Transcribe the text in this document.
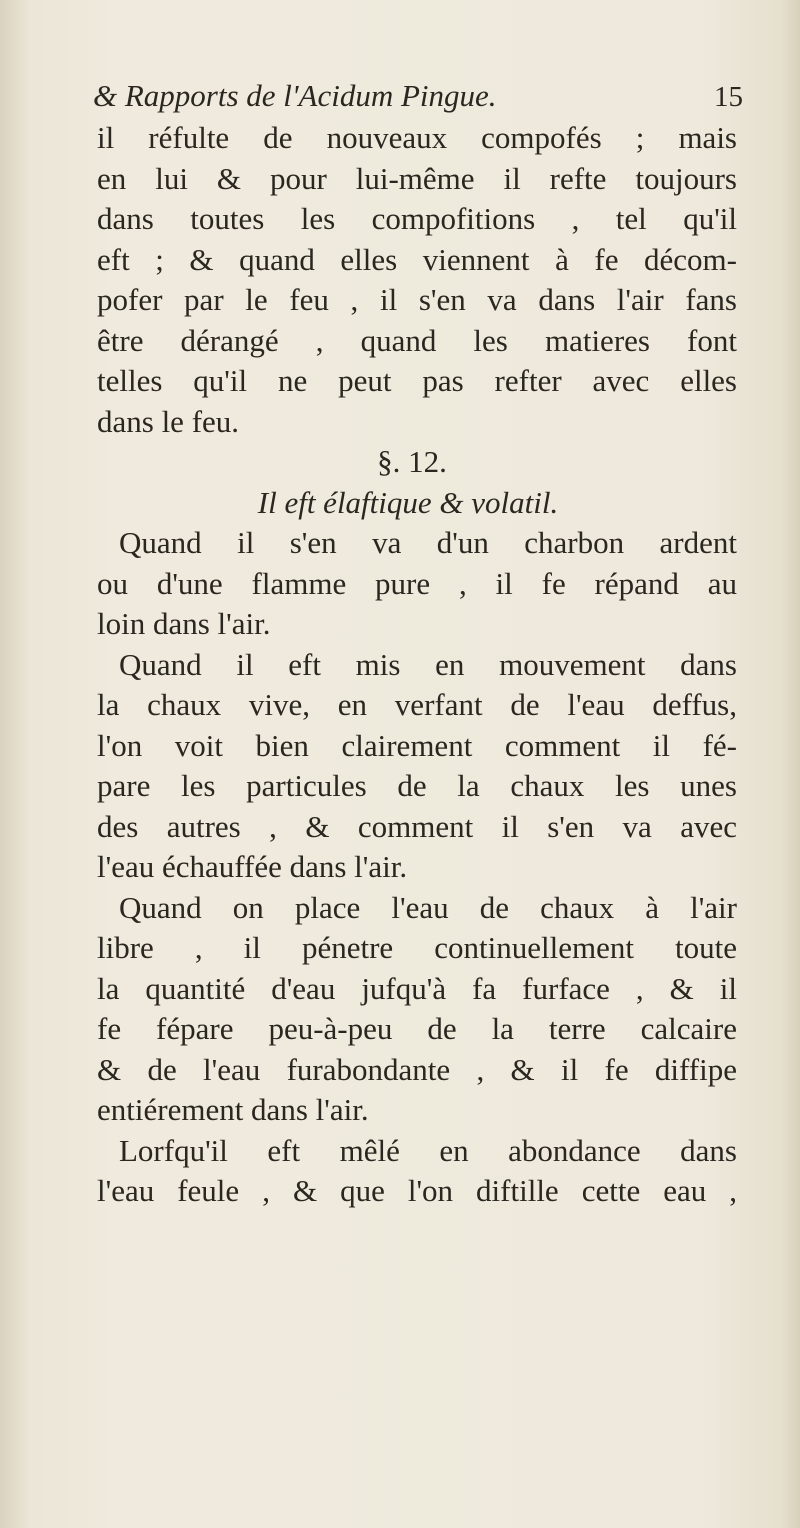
& Rapports de l'Acidum Pingue.	15
il réfulte de nouveaux compofés ; mais
en lui & pour lui-même il refte toujours
dans toutes les compofitions , tel qu'il
eft ; & quand elles viennent à fe décom-
pofer par le feu , il s'en va dans l'air fans
être dérangé , quand les matieres font
telles qu'il ne peut pas refter avec elles
dans le feu.
§. 12.
Il eft élaftique & volatil.
Quand il s'en va d'un charbon ardent
ou d'une flamme pure , il fe répand au
loin dans l'air.
Quand il eft mis en mouvement dans
la chaux vive, en verfant de l'eau deffus,
l'on voit bien clairement comment il fé-
pare les particules de la chaux les unes
des autres , & comment il s'en va avec
l'eau échauffée dans l'air.
Quand on place l'eau de chaux à l'air
libre , il pénetre continuellement toute
la quantité d'eau jufqu'à fa furface , & il
fe fépare peu-à-peu de la terre calcaire
& de l'eau furabondante , & il fe diffipe
entiérement dans l'air.
Lorfqu'il eft mêlé en abondance dans
l'eau feule , & que l'on diftille cette eau ,
